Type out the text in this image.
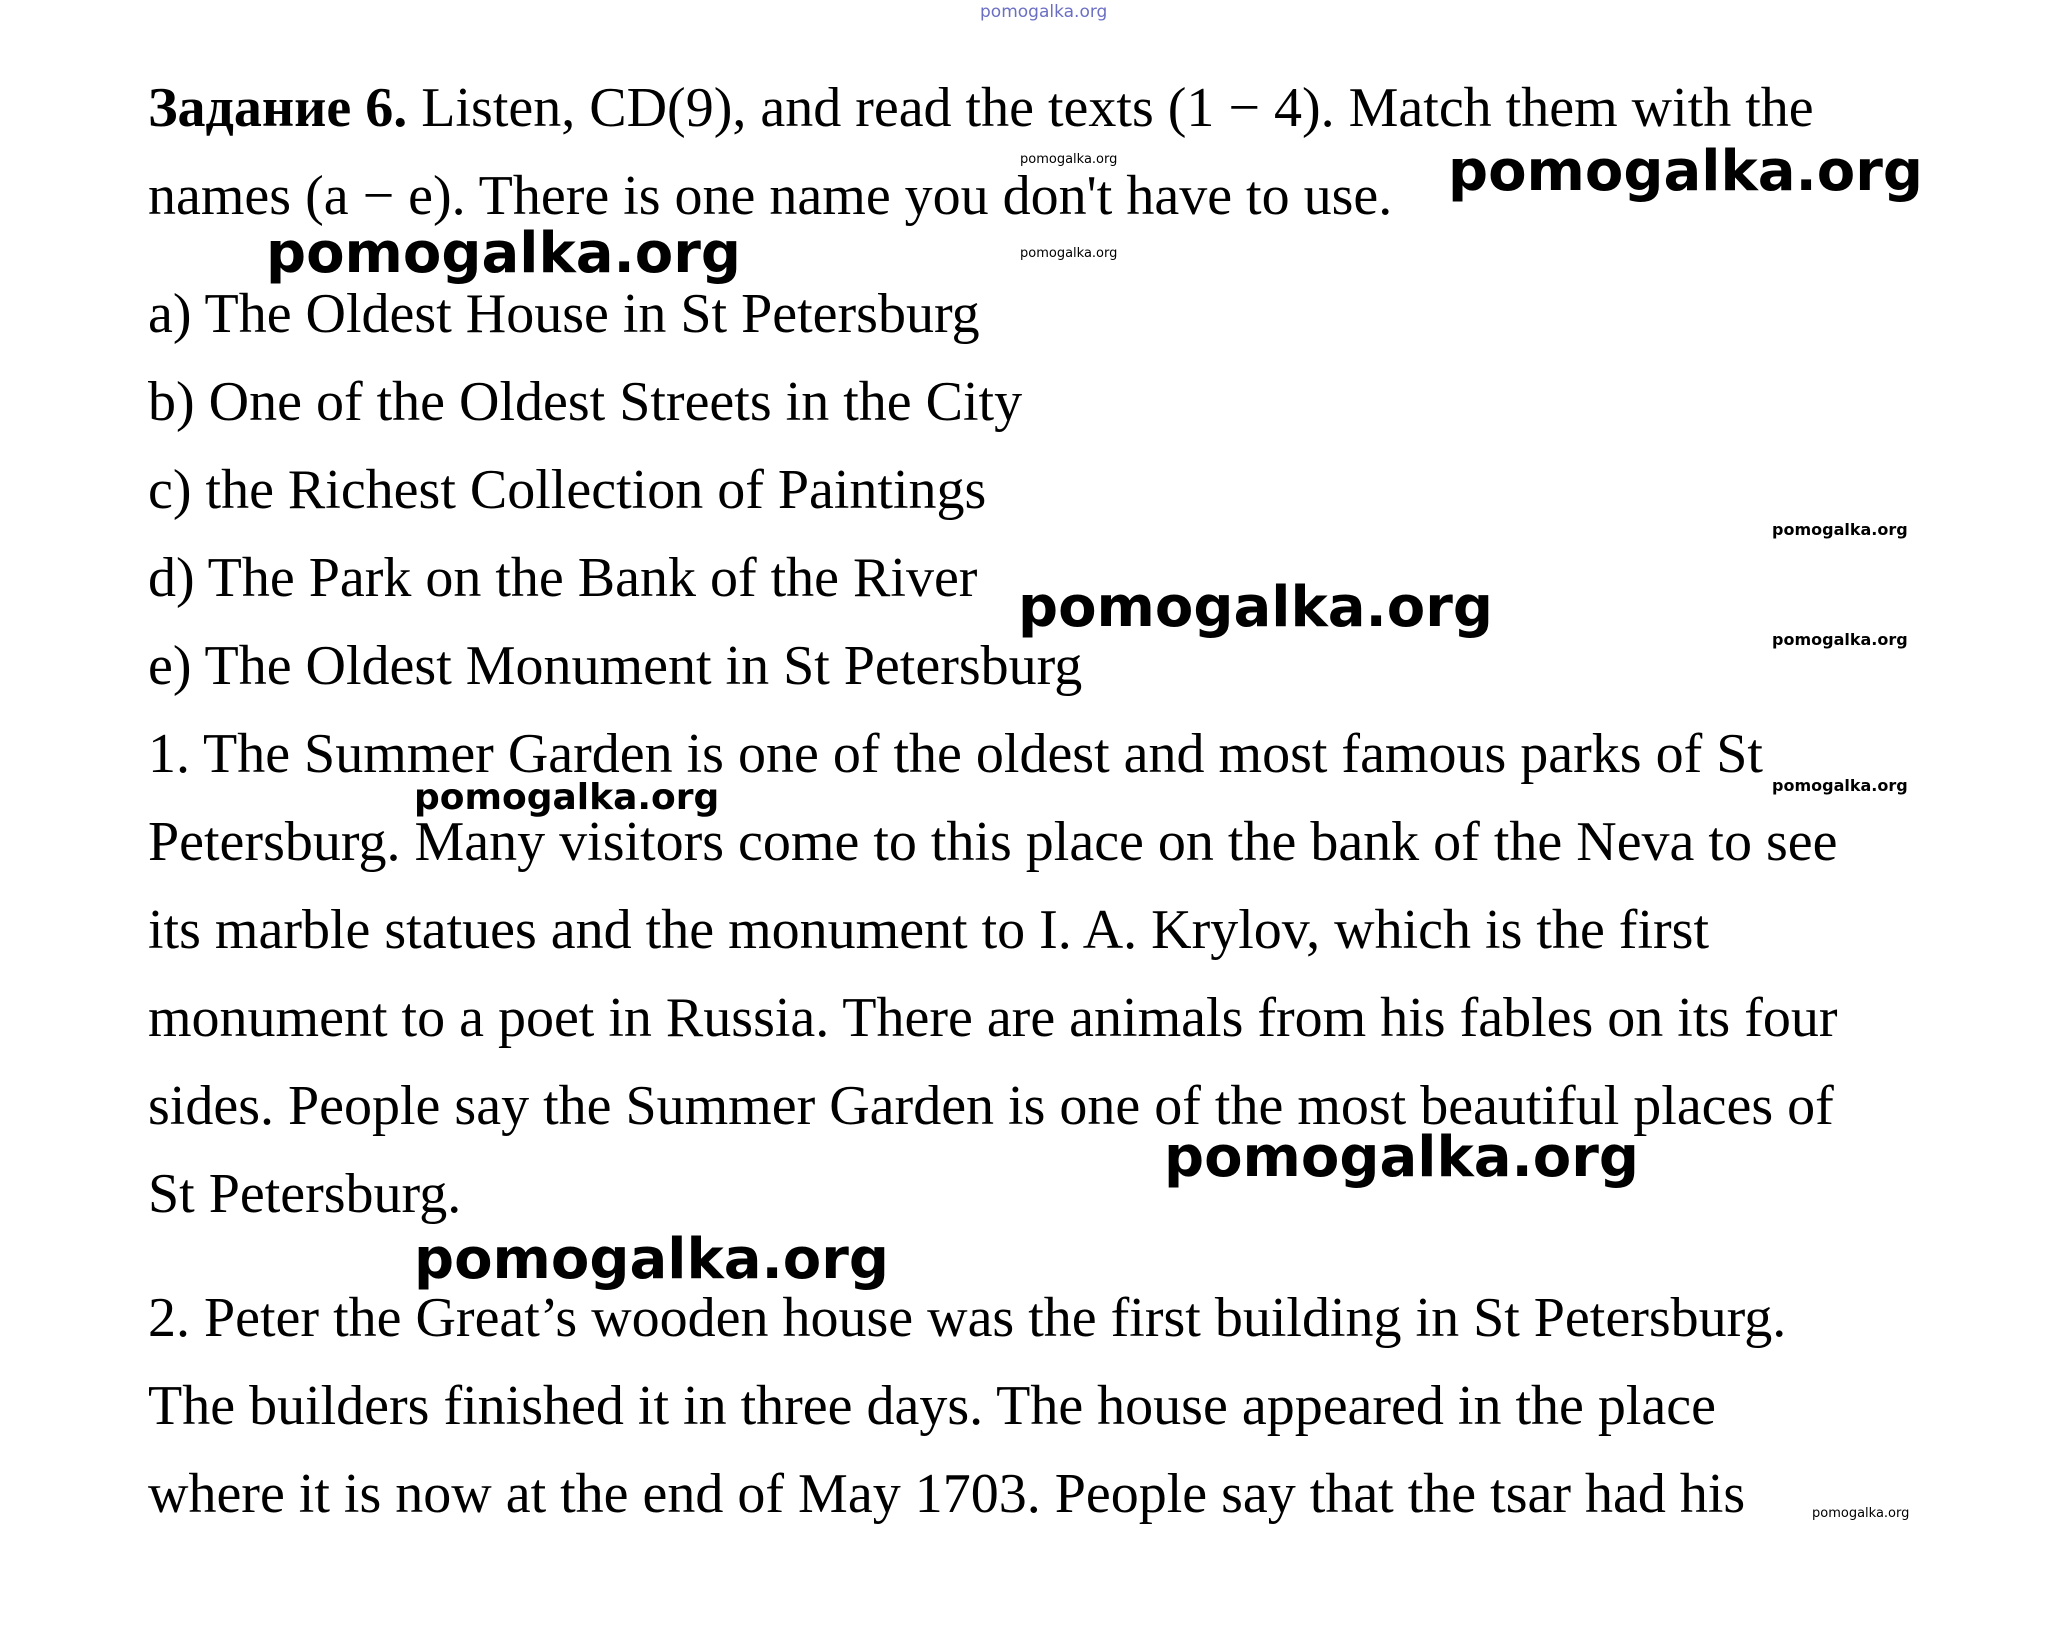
pomogalka.org
Задание 6. Listen, CD(9), and read the texts (1 − 4). Match them with the
names (a − e). There is one name you don't have to use.
a) The Oldest House in St Petersburg
b) One of the Oldest Streets in the City
c) the Richest Collection of Paintings
d) The Park on the Bank of the River
e) The Oldest Monument in St Petersburg
1. The Summer Garden is one of the oldest and most famous parks of St
Petersburg. Many visitors come to this place on the bank of the Neva to see
its marble statues and the monument to I. A. Krylov, which is the first
monument to a poet in Russia. There are animals from his fables on its four
sides. People say the Summer Garden is one of the most beautiful places of
St Petersburg.
2. Peter the Great’s wooden house was the first building in St Petersburg.
The builders finished it in three days. The house appeared in the place
where it is now at the end of May 1703. People say that the tsar had his
pomogalka.org
pomogalka.org
pomogalka.org
pomogalka.org
pomogalka.org
pomogalka.org
pomogalka.org
pomogalka.org
pomogalka.org
pomogalka.org
pomogalka.org
pomogalka.org
